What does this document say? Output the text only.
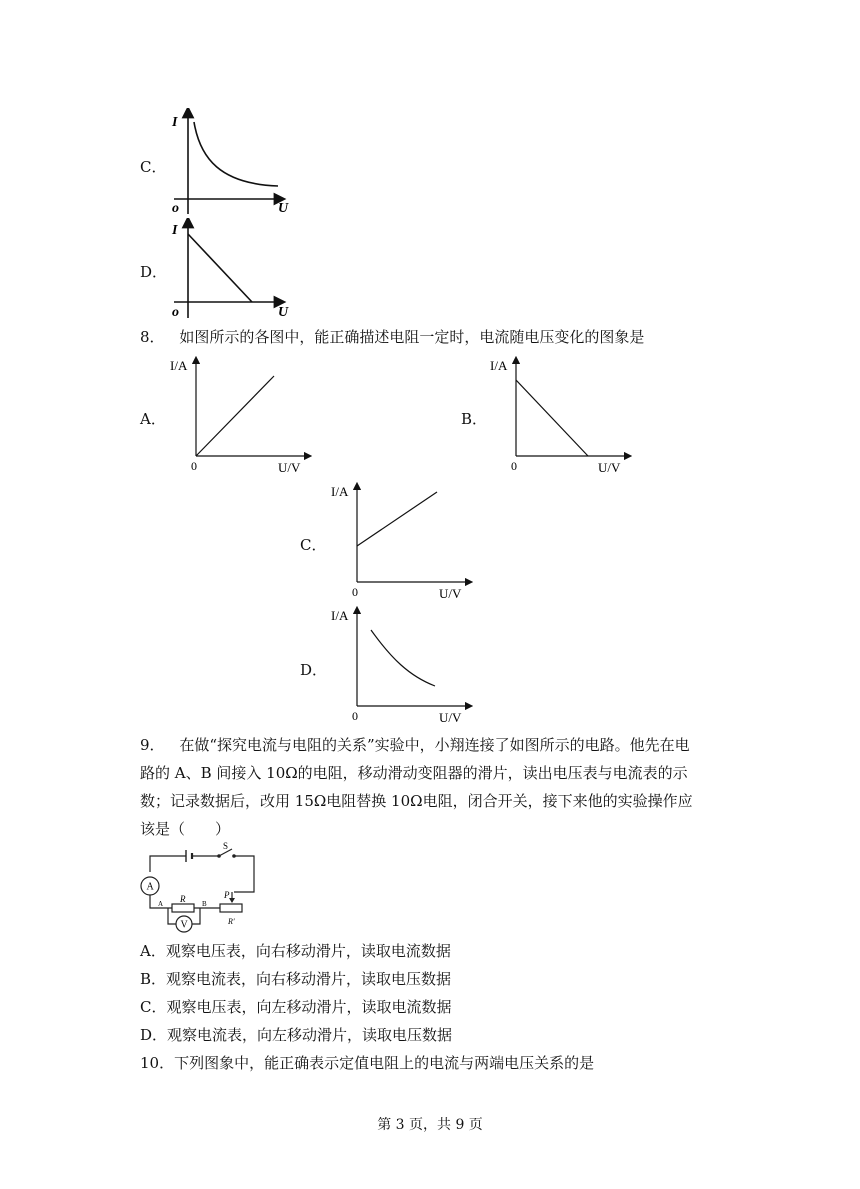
C．
I
o	U
D．
I
o	U
8． 如图所示的各图中，能正确描述电阻一定时，电流随电压变化的图象是
A．
I/A
0	U/V
B．
I/A
0	U/V
C．
I/A
0	U/V
D．
I/A
0	U/V
9． 在做“探究电流与电阻的关系”实验中，小翔连接了如图所示的电路。他先在电
路的 A、B 间接入 10Ω的电阻，移动滑动变阻器的滑片，读出电压表与电流表的示
数；记录数据后，改用 15Ω电阻替换 10Ω电阻，闭合开关，接下来他的实验操作应
该是（　　）
S
A
A R B
P
R′
V
A．观察电压表，向右移动滑片，读取电流数据
B．观察电流表，向右移动滑片，读取电压数据
C．观察电压表，向左移动滑片，读取电流数据
D．观察电流表，向左移动滑片，读取电压数据
10．下列图象中，能正确表示定值电阻上的电流与两端电压关系的是
第 3 页，共 9 页
